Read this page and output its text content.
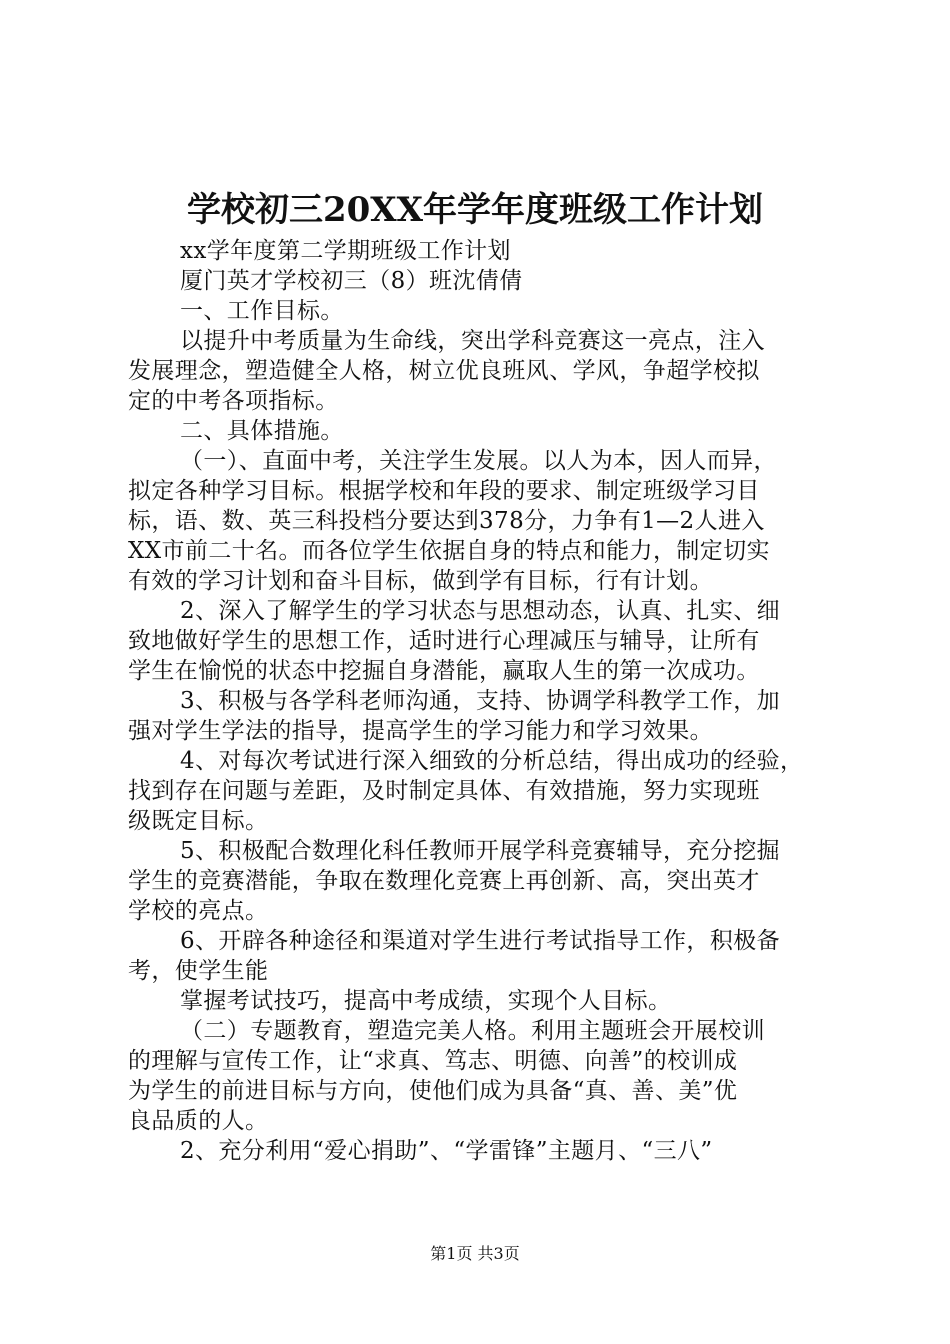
学校初三20XX年学年度班级工作计划
xx学年度第二学期班级工作计划
厦门英才学校初三（8）班沈倩倩
一、工作目标。
以提升中考质量为生命线，突出学科竞赛这一亮点，注入
发展理念，塑造健全人格，树立优良班风、学风，争超学校拟
定的中考各项指标。
二、具体措施。
（一）、直面中考，关注学生发展。以人为本，因人而异，
拟定各种学习目标。根据学校和年段的要求、制定班级学习目
标，语、数、英三科投档分要达到378分，力争有1—2人进入
XX市前二十名。而各位学生依据自身的特点和能力，制定切实
有效的学习计划和奋斗目标，做到学有目标，行有计划。
2、深入了解学生的学习状态与思想动态，认真、扎实、细
致地做好学生的思想工作，适时进行心理减压与辅导，让所有
学生在愉悦的状态中挖掘自身潜能，赢取人生的第一次成功。
3、积极与各学科老师沟通，支持、协调学科教学工作，加
强对学生学法的指导，提高学生的学习能力和学习效果。
4、对每次考试进行深入细致的分析总结，得出成功的经验，
找到存在问题与差距，及时制定具体、有效措施，努力实现班
级既定目标。
5、积极配合数理化科任教师开展学科竞赛辅导，充分挖掘
学生的竞赛潜能，争取在数理化竞赛上再创新、高，突出英才
学校的亮点。
6、开辟各种途径和渠道对学生进行考试指导工作，积极备
考，使学生能
掌握考试技巧，提高中考成绩，实现个人目标。
（二）专题教育，塑造完美人格。利用主题班会开展校训
的理解与宣传工作，让“求真、笃志、明德、向善”的校训成
为学生的前进目标与方向，使他们成为具备“真、善、美”优
良品质的人。
2、充分利用“爱心捐助”、“学雷锋”主题月、“三八”
第1页 共3页
